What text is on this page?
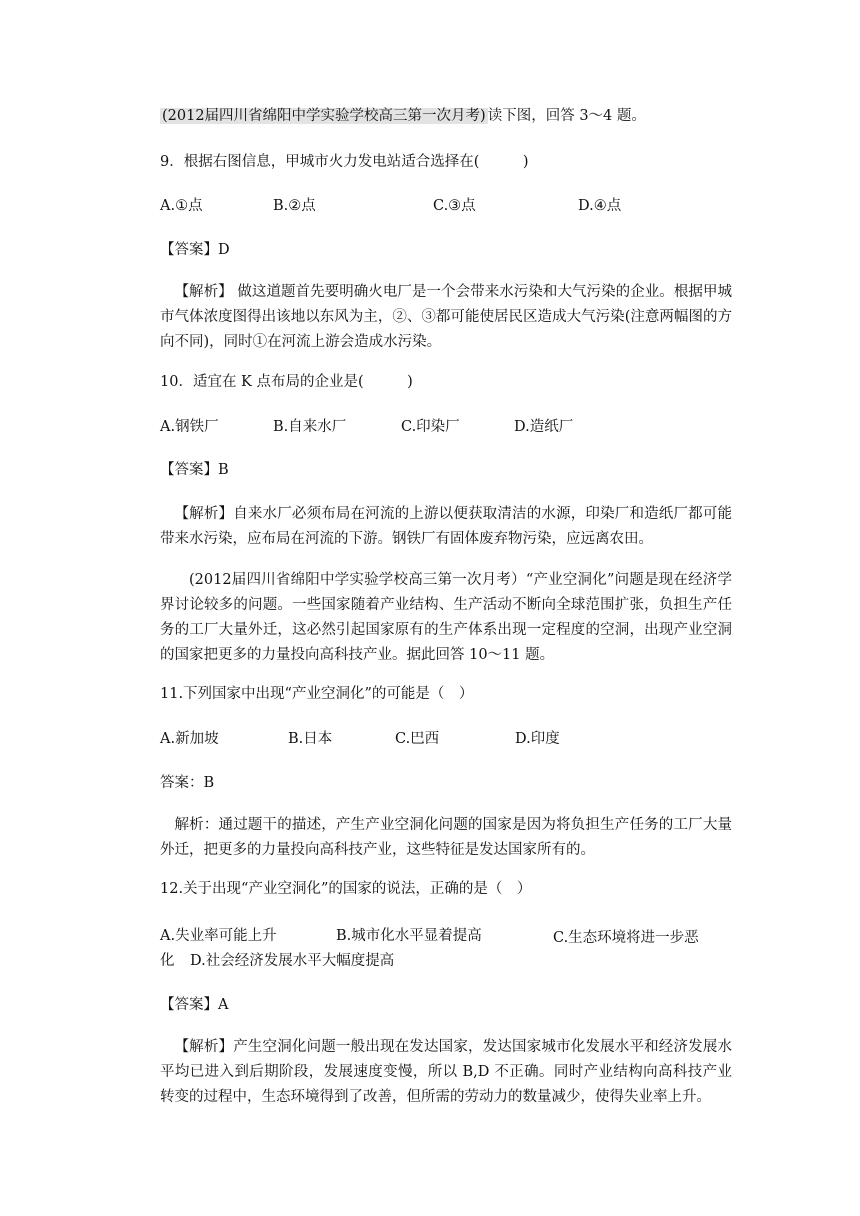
(2012届四川省绵阳中学实验学校高三第一次月考) 读下图，回答 3～4 题。
9．根据右图信息，甲城市火力发电站适合选择在(　　　)
A.①点	B.②点	C.③点	D.④点
【答案】D
【解析】 做这道题首先要明确火电厂是一个会带来水污染和大气污染的企业。根据甲城市气体浓度图得出该地以东风为主，②、③都可能使居民区造成大气污染(注意两幅图的方向不同)，同时①在河流上游会造成水污染。
10．适宜在 K 点布局的企业是(　　　)
A.钢铁厂	B.自来水厂	C.印染厂	D.造纸厂
【答案】B
【解析】自来水厂必须布局在河流的上游以便获取清洁的水源，印染厂和造纸厂都可能带来水污染，应布局在河流的下游。钢铁厂有固体废弃物污染，应远离农田。
(2012届四川省绵阳中学实验学校高三第一次月考）“产业空洞化”问题是现在经济学界讨论较多的问题。一些国家随着产业结构、生产活动不断向全球范围扩张，负担生产任务的工厂大量外迁，这必然引起国家原有的生产体系出现一定程度的空洞，出现产业空洞的国家把更多的力量投向高科技产业。据此回答 10～11 题。
11.下列国家中出现“产业空洞化”的可能是（　）
A.新加坡	B.日本	C.巴西	D.印度
答案：B
解析：通过题干的描述，产生产业空洞化问题的国家是因为将负担生产任务的工厂大量外迁，把更多的力量投向高科技产业，这些特征是发达国家所有的。
12.关于出现“产业空洞化”的国家的说法，正确的是（　）
A.失业率可能上升	B.城市化水平显着提高	C.生态环境将进一步恶
D.社会经济发展水平大幅度提高
【答案】A
【解析】产生空洞化问题一般出现在发达国家，发达国家城市化发展水平和经济发展水平均已进入到后期阶段，发展速度变慢，所以 B,D 不正确。同时产业结构向高科技产业转变的过程中，生态环境得到了改善，但所需的劳动力的数量减少，使得失业率上升。
化
